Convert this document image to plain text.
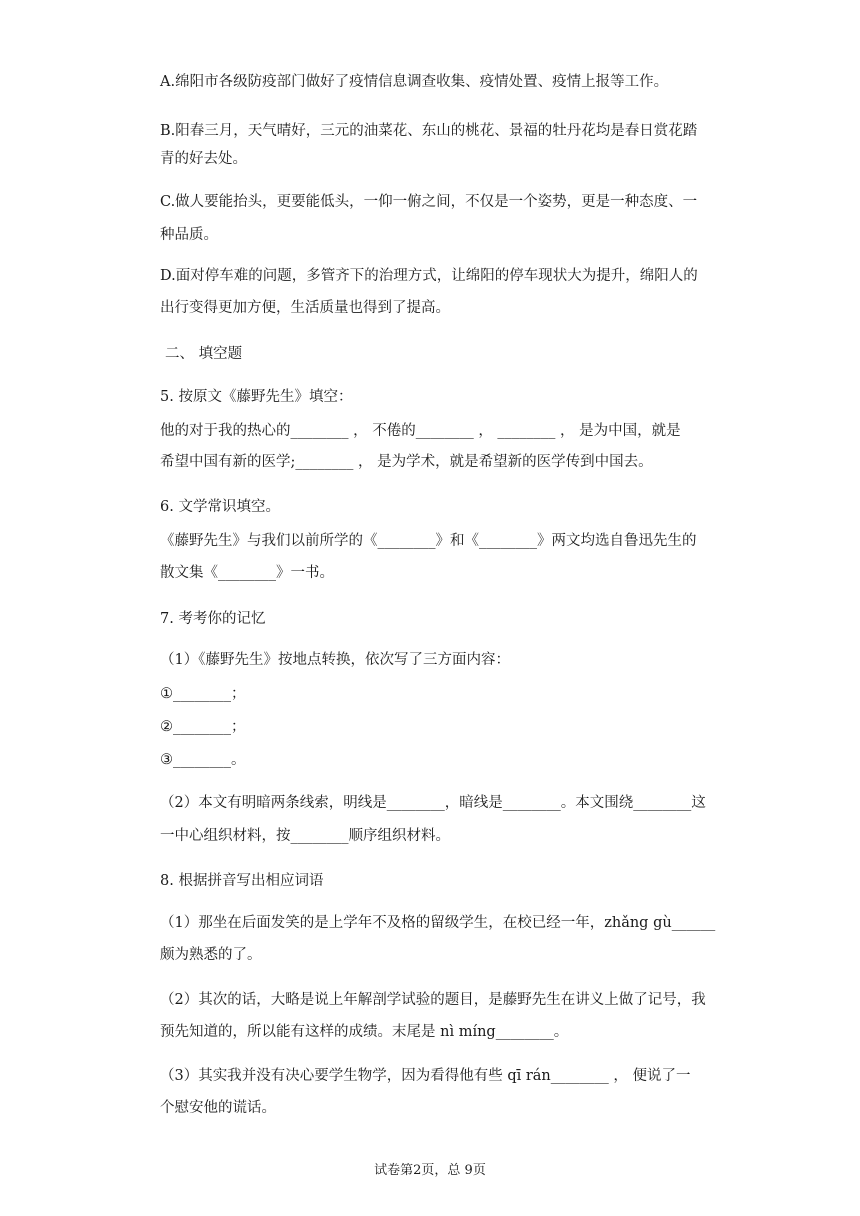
A.绵阳市各级防疫部门做好了疫情信息调查收集、疫情处置、疫情上报等工作。
B.阳春三月，天气晴好，三元的油菜花、东山的桃花、景福的牡丹花均是春日赏花踏
青的好去处。
C.做人要能抬头，更要能低头，一仰一俯之间，不仅是一个姿势，更是一种态度、一
种品质。
D.面对停车难的问题，多管齐下的治理方式，让绵阳的停车现状大为提升，绵阳人的
出行变得更加方便，生活质量也得到了提高。
二、 填空题
5. 按原文《藤野先生》填空：
他的对于我的热心的________ ， 不倦的________ ， ________ ， 是为中国，就是
希望中国有新的医学;________ ， 是为学术，就是希望新的医学传到中国去。
6. 文学常识填空。
《藤野先生》与我们以前所学的《________》和《________》两文均选自鲁迅先生的
散文集《________》一书。
7. 考考你的记忆
（1）《藤野先生》按地点转换，依次写了三方面内容：
①________；
②________；
③________。
（2）本文有明暗两条线索，明线是________，暗线是________。本文围绕________这
一中心组织材料，按________顺序组织材料。
8. 根据拼音写出相应词语
（1）那坐在后面发笑的是上学年不及格的留级学生，在校已经一年，zhǎng gù______
颇为熟悉的了。
（2）其次的话，大略是说上年解剖学试验的题目，是藤野先生在讲义上做了记号，我
预先知道的，所以能有这样的成绩。末尾是 nì míng________。
（3）其实我并没有决心要学生物学，因为看得他有些 qī rán________ ， 便说了一
个慰安他的谎话。
试卷第2页，总 9页
